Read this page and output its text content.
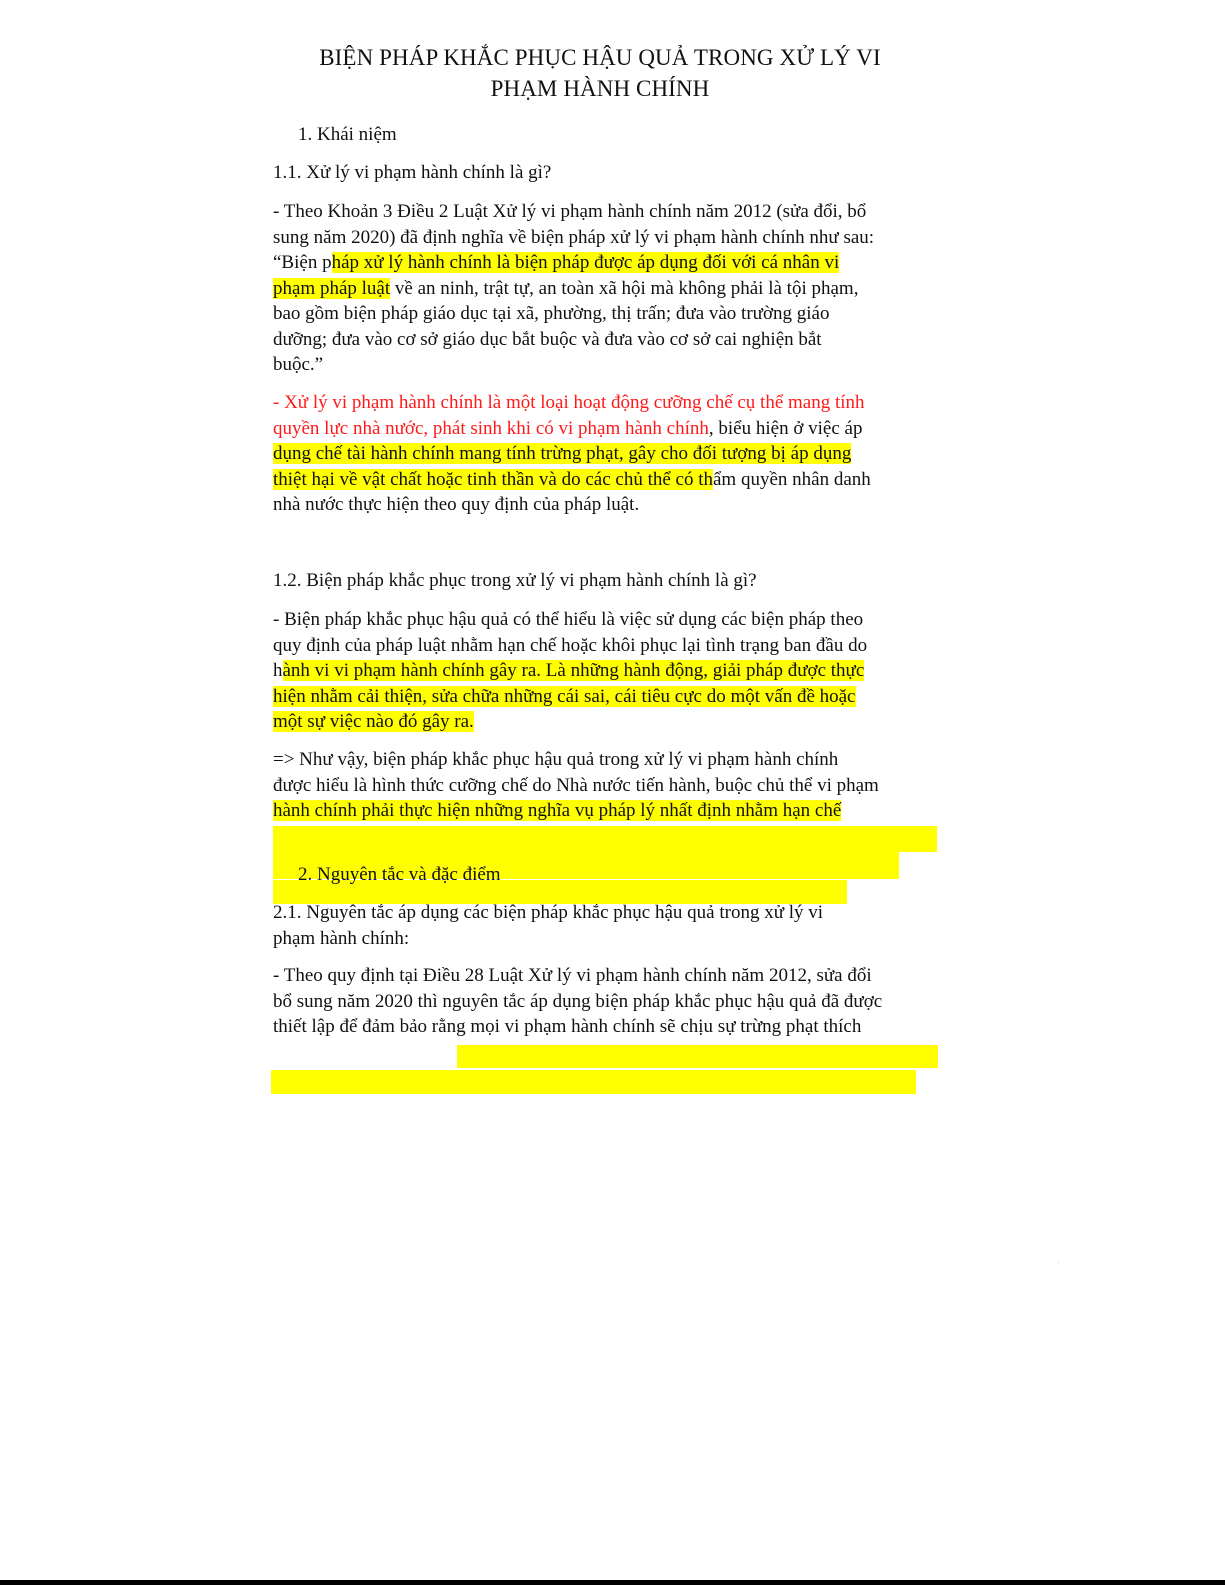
BIỆN PHÁP KHẮC PHỤC HẬU QUẢ TRONG XỬ LÝ VI
PHẠM HÀNH CHÍNH
1. Khái niệm
1.1. Xử lý vi phạm hành chính là gì?
- Theo Khoản 3 Điều 2 Luật Xử lý vi phạm hành chính năm 2012 (sửa đổi, bổ
sung năm 2020) đã định nghĩa về biện pháp xử lý vi phạm hành chính như sau:
“Biện pháp xử lý hành chính là biện pháp được áp dụng đối với cá nhân vi
phạm pháp luật về an ninh, trật tự, an toàn xã hội mà không phải là tội phạm,
bao gồm biện pháp giáo dục tại xã, phường, thị trấn; đưa vào trường giáo
dưỡng; đưa vào cơ sở giáo dục bắt buộc và đưa vào cơ sở cai nghiện bắt
buộc.”
- Xử lý vi phạm hành chính là một loại hoạt động cưỡng chế cụ thể mang tính
quyền lực nhà nước, phát sinh khi có vi phạm hành chính, biểu hiện ở việc áp
dụng chế tài hành chính mang tính trừng phạt, gây cho đối tượng bị áp dụng
thiệt hại về vật chất hoặc tinh thần và do các chủ thể có thẩm quyền nhân danh
nhà nước thực hiện theo quy định của pháp luật.
1.2. Biện pháp khắc phục trong xử lý vi phạm hành chính là gì?
- Biện pháp khắc phục hậu quả có thể hiểu là việc sử dụng các biện pháp theo
quy định của pháp luật nhằm hạn chế hoặc khôi phục lại tình trạng ban đầu do
hành vi vi phạm hành chính gây ra. Là những hành động, giải pháp được thực
hiện nhằm cải thiện, sửa chữa những cái sai, cái tiêu cực do một vấn đề hoặc
một sự việc nào đó gây ra.
=> Như vậy, biện pháp khắc phục hậu quả trong xử lý vi phạm hành chính
được hiểu là hình thức cưỡng chế do Nhà nước tiến hành, buộc chủ thể vi phạm
hành chính phải thực hiện những nghĩa vụ pháp lý nhất định nhằm hạn chế
2. Nguyên tắc và đặc điểm
2.1. Nguyên tắc áp dụng các biện pháp khắc phục hậu quả trong xử lý vi
phạm hành chính:
- Theo quy định tại Điều 28 Luật Xử lý vi phạm hành chính năm 2012, sửa đổi
bổ sung năm 2020 thì nguyên tắc áp dụng biện pháp khắc phục hậu quả đã được
thiết lập để đảm bảo rằng mọi vi phạm hành chính sẽ chịu sự trừng phạt thích
